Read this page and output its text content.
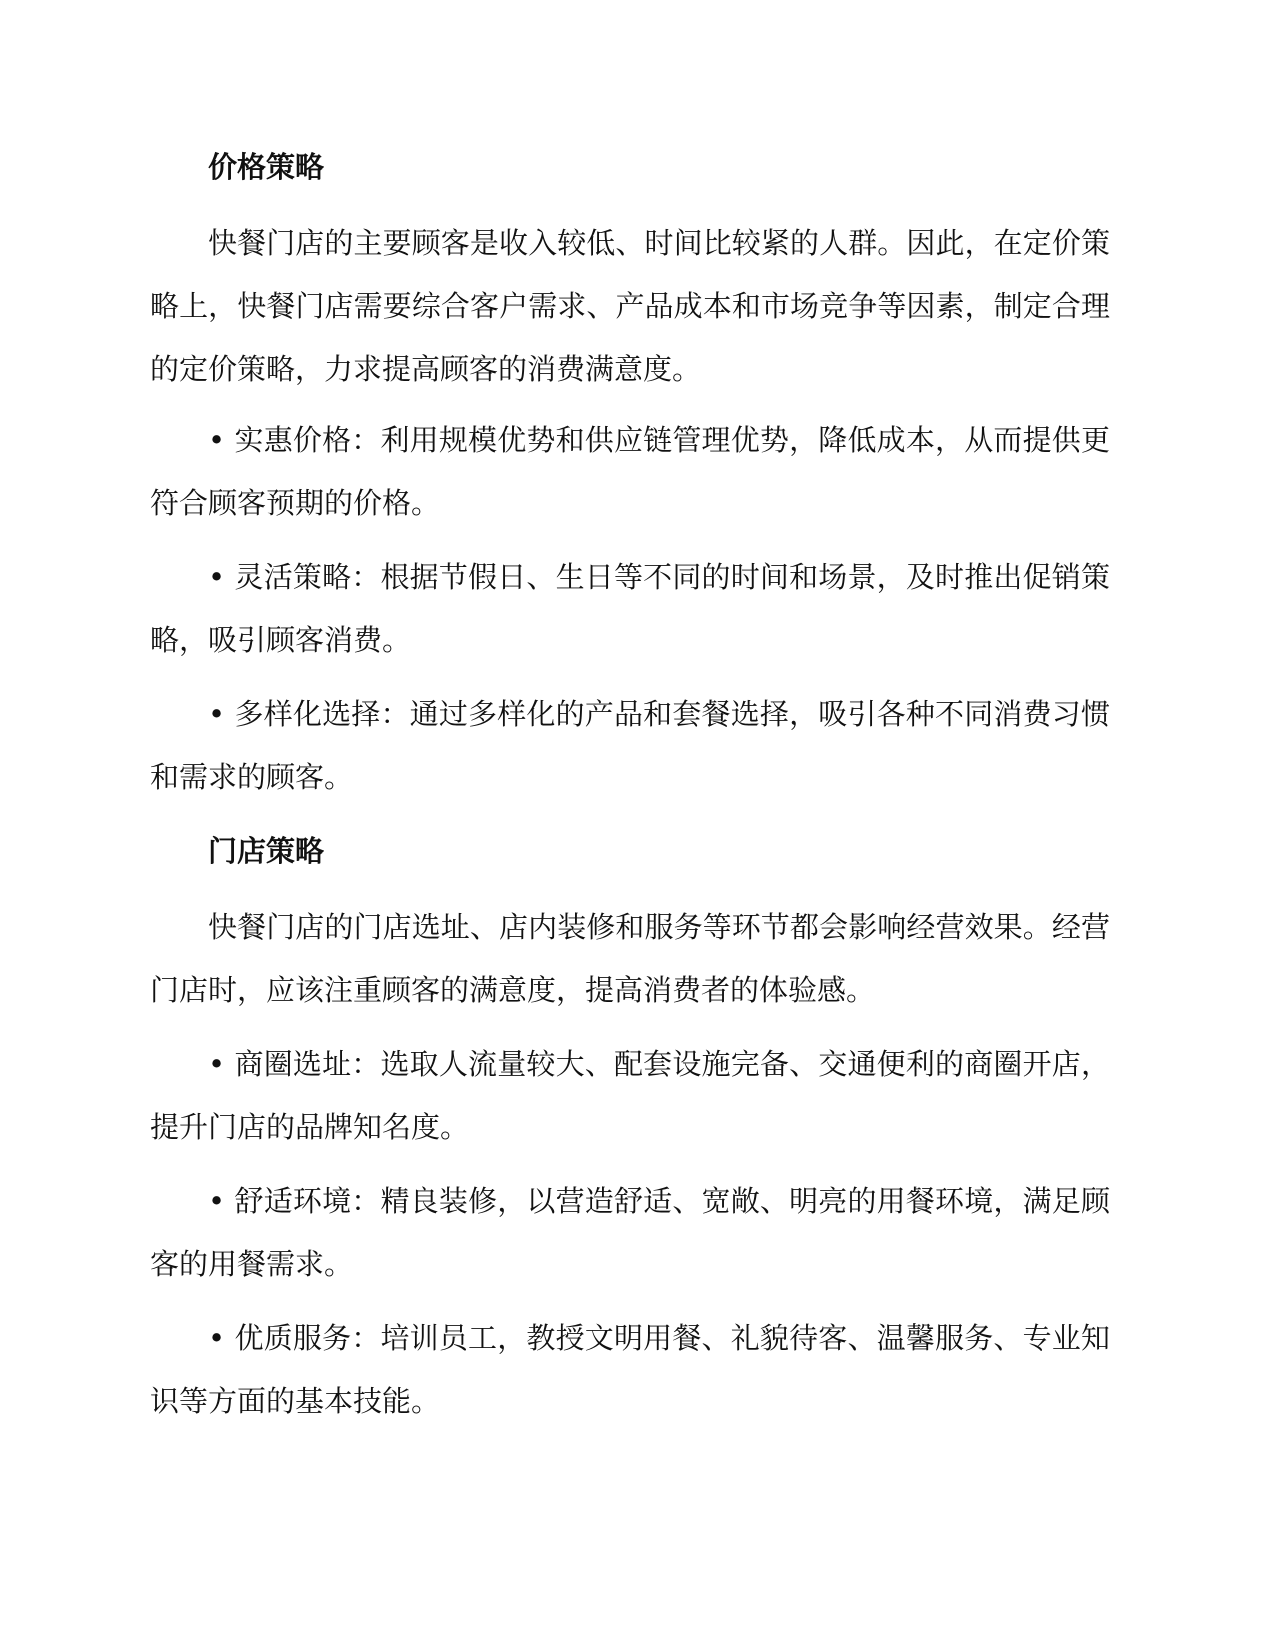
价格策略

快餐门店的主要顾客是收入较低、时间比较紧的人群。因此，在定价策略上，快餐门店需要综合客户需求、产品成本和市场竞争等因素，制定合理的定价策略，力求提高顾客的消费满意度。

• 实惠价格：利用规模优势和供应链管理优势，降低成本，从而提供更符合顾客预期的价格。

• 灵活策略：根据节假日、生日等不同的时间和场景，及时推出促销策略，吸引顾客消费。

• 多样化选择：通过多样化的产品和套餐选择，吸引各种不同消费习惯和需求的顾客。

门店策略

快餐门店的门店选址、店内装修和服务等环节都会影响经营效果。经营门店时，应该注重顾客的满意度，提高消费者的体验感。

• 商圈选址：选取人流量较大、配套设施完备、交通便利的商圈开店，提升门店的品牌知名度。

• 舒适环境：精良装修，以营造舒适、宽敞、明亮的用餐环境，满足顾客的用餐需求。

• 优质服务：培训员工，教授文明用餐、礼貌待客、温馨服务、专业知识等方面的基本技能。
